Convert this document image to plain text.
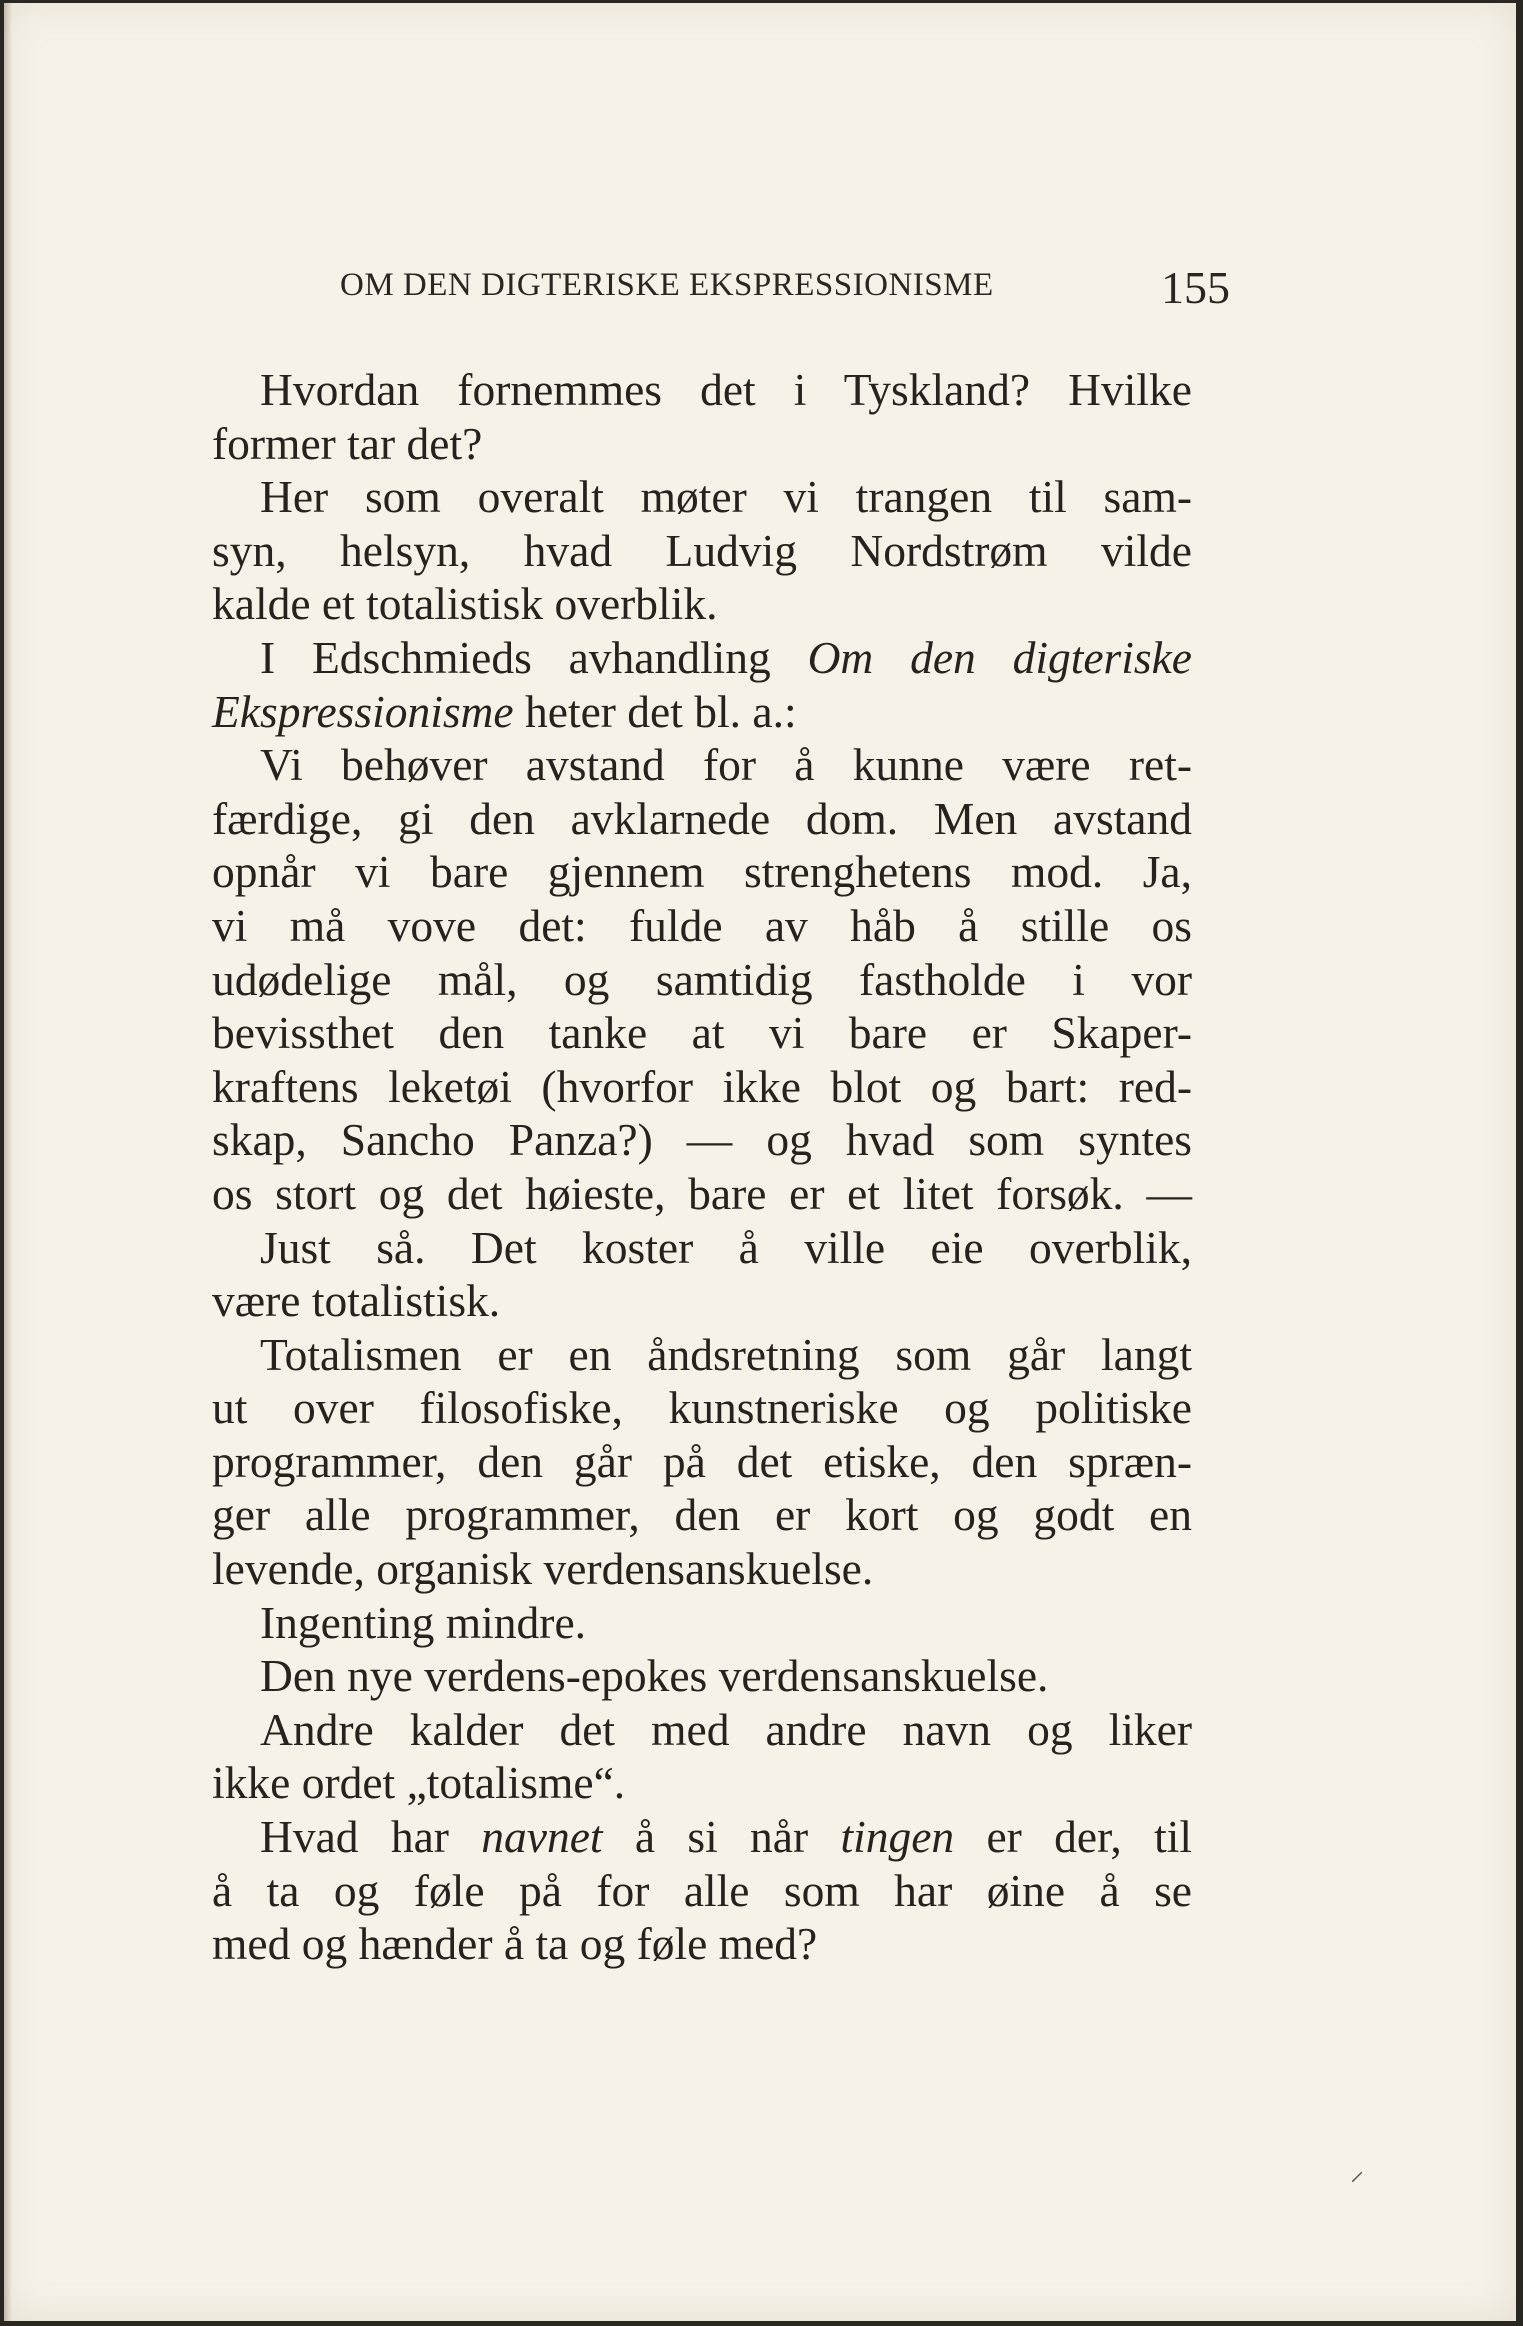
OM DEN DIGTERISKE EKSPRESSIONISME	155
Hvordan fornemmes det i Tyskland? Hvilke
former tar det?
Her som overalt møter vi trangen til sam-
syn, helsyn, hvad Ludvig Nordstrøm vilde
kalde et totalistisk overblik.
I Edschmieds avhandling Om den digteriske
Ekspressionisme heter det bl. a.:
Vi behøver avstand for å kunne være ret-
færdige, gi den avklarnede dom. Men avstand
opnår vi bare gjennem strenghetens mod. Ja,
vi må vove det: fulde av håb å stille os
udødelige mål, og samtidig fastholde i vor
bevissthet den tanke at vi bare er Skaper-
kraftens leketøi (hvorfor ikke blot og bart: red-
skap, Sancho Panza?) — og hvad som syntes
os stort og det høieste, bare er et litet forsøk. —
Just så. Det koster å ville eie overblik,
være totalistisk.
Totalismen er en åndsretning som går langt
ut over filosofiske, kunstneriske og politiske
programmer, den går på det etiske, den spræn-
ger alle programmer, den er kort og godt en
levende, organisk verdensanskuelse.
Ingenting mindre.
Den nye verdens-epokes verdensanskuelse.
Andre kalder det med andre navn og liker
ikke ordet „totalisme“.
Hvad har navnet å si når tingen er der, til
å ta og føle på for alle som har øine å se
med og hænder å ta og føle med?
⸝
